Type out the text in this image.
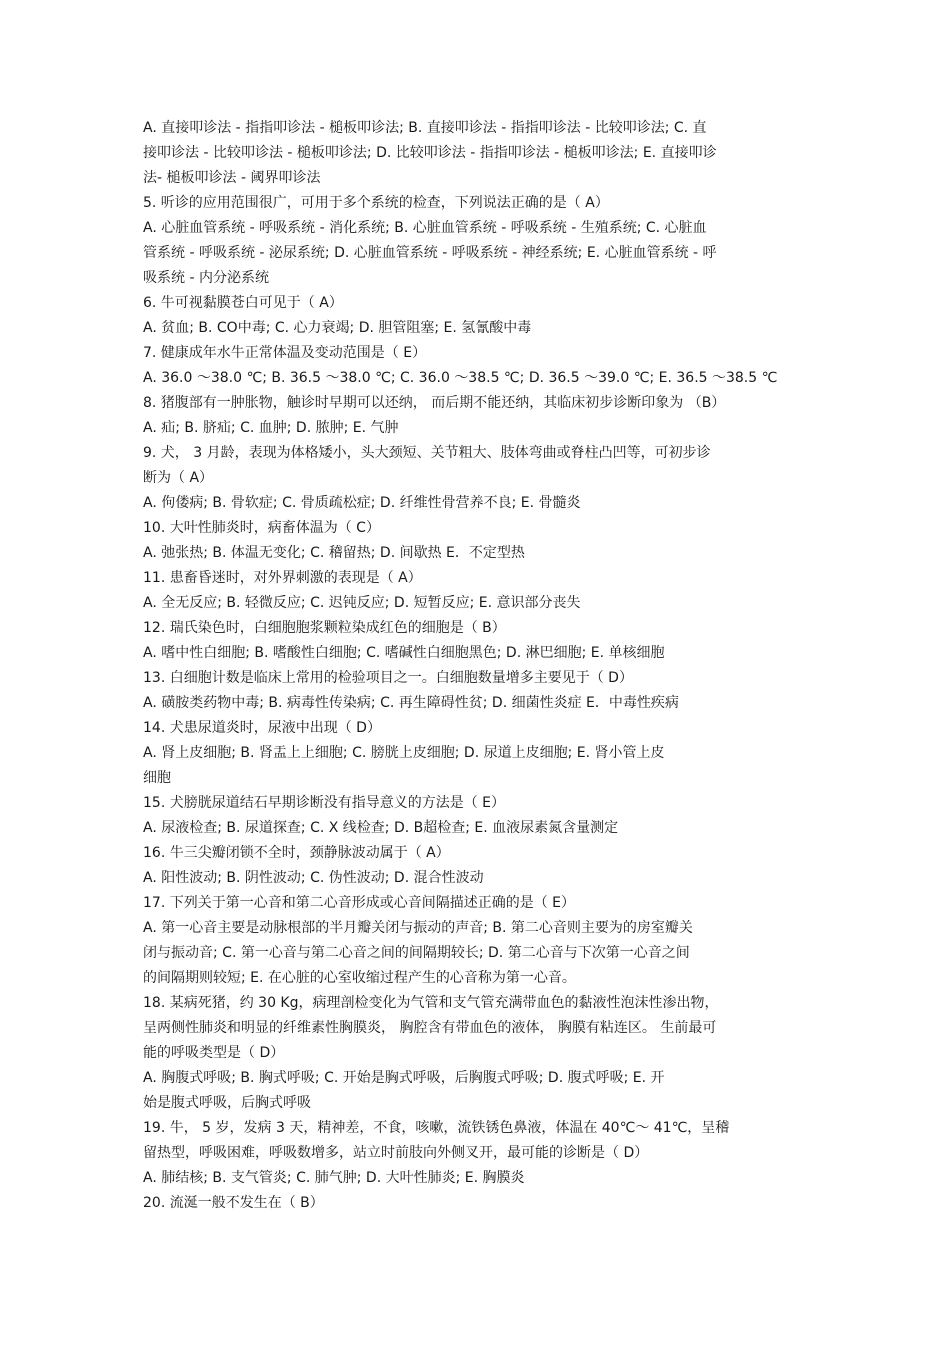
A. 直接叩诊法 - 指指叩诊法 - 槌板叩诊法; B. 直接叩诊法 - 指指叩诊法 - 比较叩诊法; C. 直
接叩诊法 - 比较叩诊法 - 槌板叩诊法; D. 比较叩诊法 - 指指叩诊法 - 槌板叩诊法; E. 直接叩诊
法- 槌板叩诊法 - 阈界叩诊法
5. 听诊的应用范围很广，可用于多个系统的检查，下列说法正确的是（ A）
A. 心脏血管系统 - 呼吸系统 - 消化系统; B. 心脏血管系统 - 呼吸系统 - 生殖系统; C. 心脏血
管系统 - 呼吸系统 - 泌尿系统; D. 心脏血管系统 - 呼吸系统 - 神经系统; E. 心脏血管系统 - 呼
吸系统 - 内分泌系统
6. 牛可视黏膜苍白可见于（ A）
A. 贫血; B. CO中毒; C. 心力衰竭; D. 胆管阻塞; E. 氢氰酸中毒
7. 健康成年水牛正常体温及变动范围是（ E）
A. 36.0 ～38.0 ℃; B. 36.5 ～38.0 ℃; C. 36.0 ～38.5 ℃; D. 36.5 ～39.0 ℃; E. 36.5 ～38.5 ℃
8. 猪腹部有一肿胀物，触诊时早期可以还纳， 而后期不能还纳，其临床初步诊断印象为 （B）
A. 疝; B. 脐疝; C. 血肿; D. 脓肿; E. 气肿
9. 犬， 3 月龄，表现为体格矮小，头大颈短、关节粗大、肢体弯曲或脊柱凸凹等，可初步诊
断为（ A）
A. 佝偻病; B. 骨软症; C. 骨质疏松症; D. 纤维性骨营养不良; E. 骨髓炎
10. 大叶性肺炎时，病畜体温为（ C）
A. 弛张热; B. 体温无变化; C. 稽留热; D. 间歇热 E．不定型热
11. 患畜昏迷时，对外界刺激的表现是（ A）
A. 全无反应; B. 轻微反应; C. 迟钝反应; D. 短暂反应; E. 意识部分丧失
12. 瑞氏染色时，白细胞胞浆颗粒染成红色的细胞是（ B）
A. 嗜中性白细胞; B. 嗜酸性白细胞; C. 嗜碱性白细胞黑色; D. 淋巴细胞; E. 单核细胞
13. 白细胞计数是临床上常用的检验项目之一。白细胞数量增多主要见于（ D）
A. 磺胺类药物中毒; B. 病毒性传染病; C. 再生障碍性贫; D. 细菌性炎症 E．中毒性疾病
14. 犬患尿道炎时，尿液中出现（ D）
A. 肾上皮细胞; B. 肾盂上上细胞; C. 膀胱上皮细胞; D. 尿道上皮细胞; E. 肾小管上皮
细胞
15. 犬膀胱尿道结石早期诊断没有指导意义的方法是（ E）
A. 尿液检查; B. 尿道探查; C. X 线检查; D. B超检查; E. 血液尿素氮含量测定
16. 牛三尖瓣闭锁不全时，颈静脉波动属于（ A）
A. 阳性波动; B. 阴性波动; C. 伪性波动; D. 混合性波动
17. 下列关于第一心音和第二心音形成或心音间隔描述正确的是（ E）
A. 第一心音主要是动脉根部的半月瓣关闭与振动的声音; B. 第二心音则主要为的房室瓣关
闭与振动音; C. 第一心音与第二心音之间的间隔期较长; D. 第二心音与下次第一心音之间
的间隔期则较短; E. 在心脏的心室收缩过程产生的心音称为第一心音。
18. 某病死猪，约 30 Kg，病理剖检变化为气管和支气管充满带血色的黏液性泡沫性渗出物，
呈两侧性肺炎和明显的纤维素性胸膜炎， 胸腔含有带血色的液体， 胸膜有粘连区。 生前最可
能的呼吸类型是（ D）
A. 胸腹式呼吸; B. 胸式呼吸; C. 开始是胸式呼吸，后胸腹式呼吸; D. 腹式呼吸; E. 开
始是腹式呼吸，后胸式呼吸
19. 牛， 5 岁，发病 3 天，精神差，不食，咳嗽，流铁锈色鼻液，体温在 40℃～ 41℃，呈稽
留热型，呼吸困难，呼吸数增多，站立时前肢向外侧叉开，最可能的诊断是（ D）
A. 肺结核; B. 支气管炎; C. 肺气肿; D. 大叶性肺炎; E. 胸膜炎
20. 流涎一般不发生在（ B）
